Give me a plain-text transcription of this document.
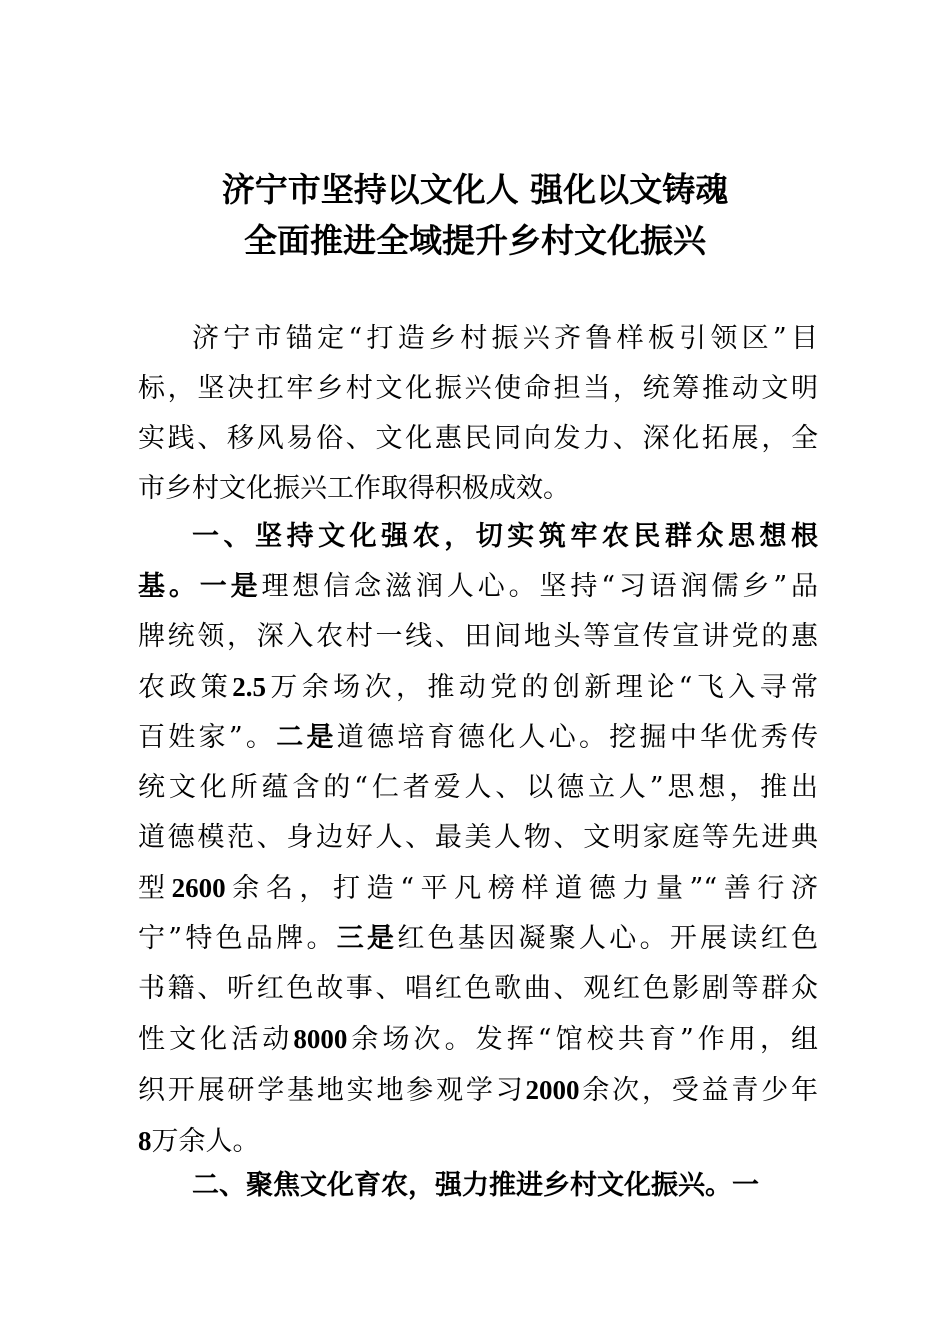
济宁市坚持以文化人 强化以文铸魂
全面推进全域提升乡村文化振兴
济宁市锚定“打造乡村振兴齐鲁样板引领区”目
标，坚决扛牢乡村文化振兴使命担当，统筹推动文明
实践、移风易俗、文化惠民同向发力、深化拓展，全
市乡村文化振兴工作取得积极成效。
一、坚持文化强农，切实筑牢农民群众思想根
基。一是理想信念滋润人心。坚持“习语润儒乡”品
牌统领，深入农村一线、田间地头等宣传宣讲党的惠
农政策2.5万余场次，推动党的创新理论“飞入寻常
百姓家”。二是道德培育德化人心。挖掘中华优秀传
统文化所蕴含的“仁者爱人、以德立人”思想，推出
道德模范、身边好人、最美人物、文明家庭等先进典
型2600余名，打造“平凡榜样道德力量”“善行济
宁”特色品牌。三是红色基因凝聚人心。开展读红色
书籍、听红色故事、唱红色歌曲、观红色影剧等群众
性文化活动8000余场次。发挥“馆校共育”作用，组
织开展研学基地实地参观学习2000余次，受益青少年
8万余人。
二、聚焦文化育农，强力推进乡村文化振兴。一
